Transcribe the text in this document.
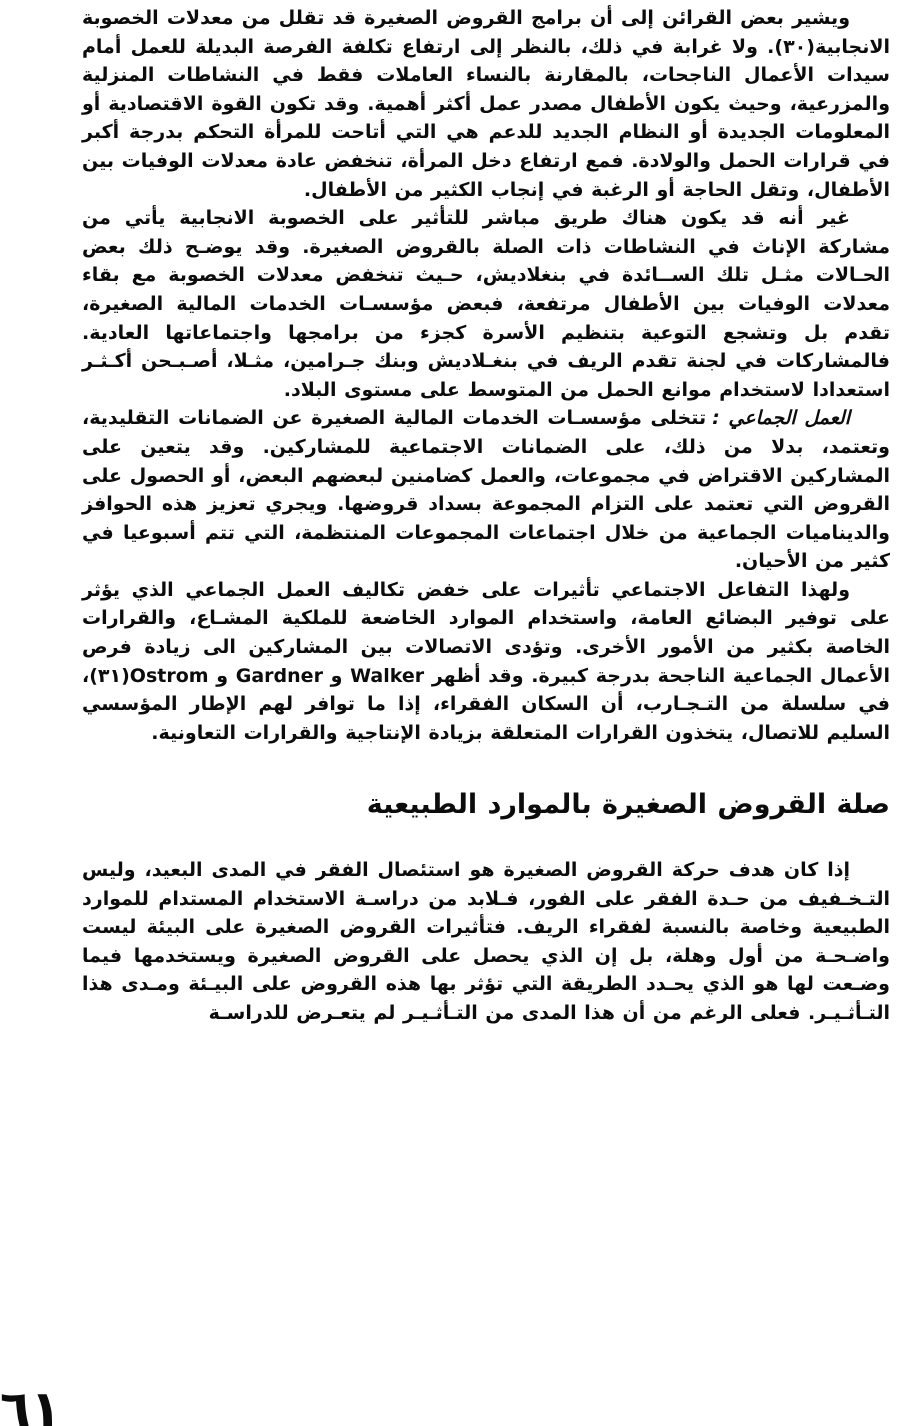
ويشير بعض القرائن إلى أن برامج القروض الصغيرة قد تقلل من معدلات الخصوبة الانجابية(٣٠). ولا غرابة في ذلك، بالنظر إلى ارتفاع تكلفة الفرصة البديلة للعمل أمام سيدات الأعمال الناجحات، بالمقارنة بالنساء العاملات فقط في النشاطات المنزلية والمزرعية، وحيث يكون الأطفال مصدر عمل أكثر أهمية. وقد تكون القوة الاقتصادية أو المعلومات الجديدة أو النظام الجديد للدعم هي التي أتاحت للمرأة التحكم بدرجة أكبر في قرارات الحمل والولادة. فمع ارتفاع دخل المرأة، تنخفض عادة معدلات الوفيات بين الأطفال، وتقل الحاجة أو الرغبة في إنجاب الكثير من الأطفال.

غير أنه قد يكون هناك طريق مباشر للتأثير على الخصوبة الانجابية يأتي من مشاركة الإناث في النشاطات ذات الصلة بالقروض الصغيرة. وقد يوضـح ذلك بعض الحـالات مثـل تلك الســائدة في بنغلاديش، حـيث تنخفض معدلات الخصوبة مع بقاء معدلات الوفيات بين الأطفال مرتفعة، فبعض مؤسسـات الخدمات المالية الصغيرة، تقدم بل وتشجع التوعية بتنظيم الأسرة كجزء من برامجها واجتماعاتها العادية. فالمشاركات في لجنة تقدم الريف في بنغـلاديش وبنك جـرامين، مثـلا، أصـبـحن أكـثـر استعدادا لاستخدام موانع الحمل من المتوسط على مستوى البلاد.

العمل الجماعي :تتخلى مؤسسـات الخدمات المالية الصغيرة عن الضمانات التقليدية، وتعتمد، بدلا من ذلك، على الضمانات الاجتماعية للمشاركين. وقد يتعين على المشاركين الاقتراض في مجموعات، والعمل كضامنين لبعضهم البعض، أو الحصول على القروض التي تعتمد على التزام المجموعة بسداد قروضها. ويجري تعزيز هذه الحوافز والديناميات الجماعية من خلال اجتماعات المجموعات المنتظمة، التي تتم أسبوعيا في كثير من الأحيان.

ولهذا التفاعل الاجتماعي تأثيرات على خفض تكاليف العمل الجماعي الذي يؤثر على توفير البضائع العامة، واستخدام الموارد الخاضعة للملكية المشـاع، والقرارات الخاصة بكثير من الأمور الأخرى. وتؤدى الاتصالات بين المشاركين الى زيادة فرص الأعمال الجماعية الناجحة بدرجة كبيرة. وقد أظهر Walker و Gardner و Ostrom(٣١)، في سلسلة من التـجـارب، أن السكان الفقراء، إذا ما توافر لهم الإطار المؤسسي السليم للاتصال، يتخذون القرارات المتعلقة بزيادة الإنتاجية والقرارات التعاونية.

صلة القروض الصغيرة بالموارد الطبيعية

إذا كان هدف حركة القروض الصغيرة هو استئصال الفقر في المدى البعيد، وليس التـخـفيف من حـدة الفقر على الفور، فـلابد من دراسـة الاستخدام المستدام للموارد الطبيعية وخاصة بالنسبة لفقراء الريف. فتأثيرات القروض الصغيرة على البيئة ليست واضـحـة من أول وهلة، بل إن الذي يحصل على القروض الصغيرة ويستخدمها فيما وضـعت لها هو الذي يحـدد الطريقة التي تؤثر بها هذه القروض على البيـئة ومـدى هذا التـأثـيـر. فعلى الرغم من أن هذا المدى من التـأثـيـر لم يتعـرض للدراسـة

٦١
